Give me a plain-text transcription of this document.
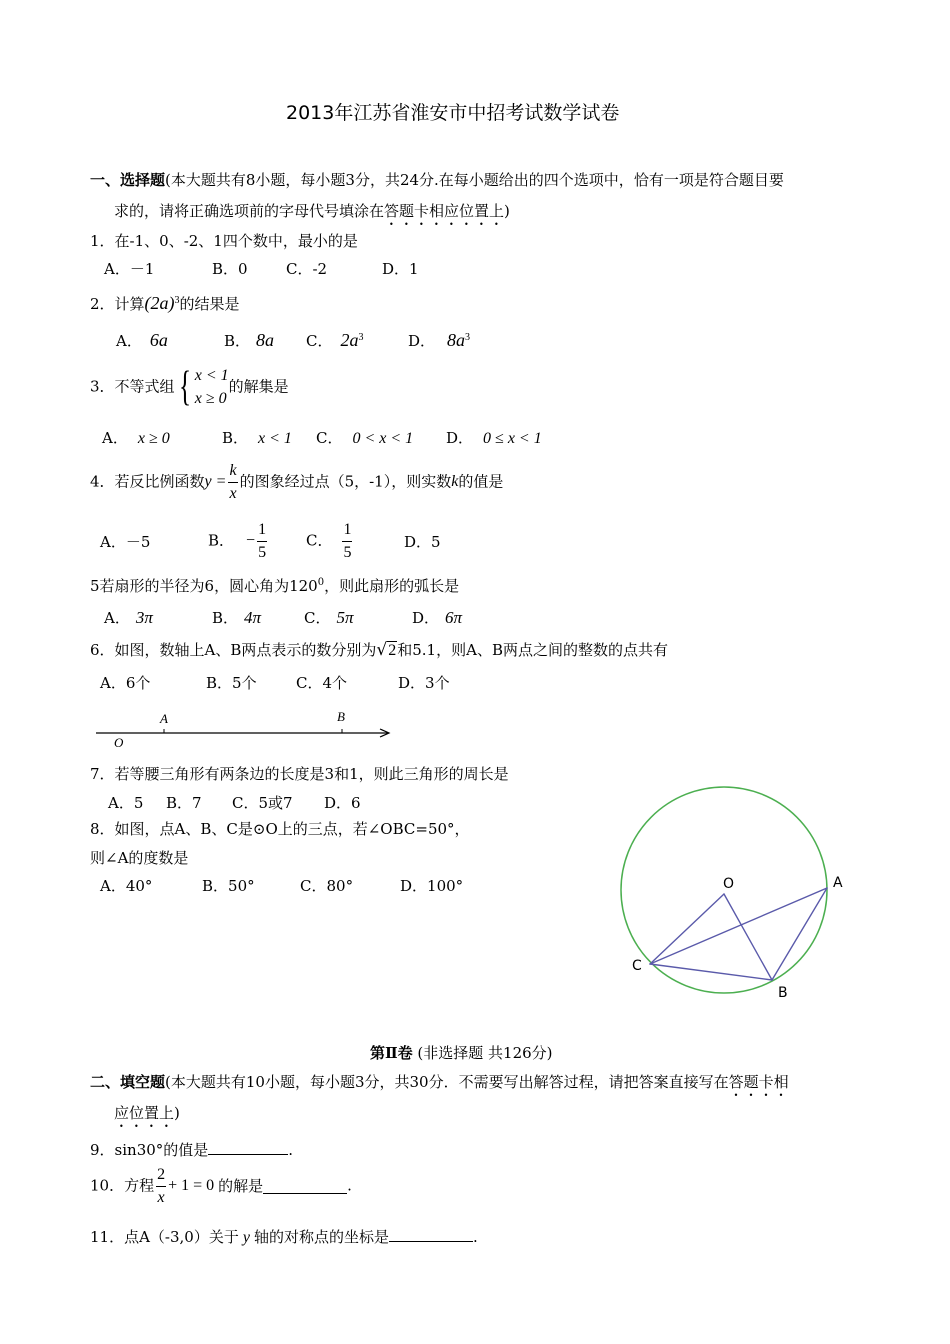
2013年江苏省淮安市中招考试数学试卷
一、选择题(本大题共有8小题，每小题3分，共24分.在每小题给出的四个选项中，恰有一项是符合题目要
求的，请将正确选项前的字母代号填涂在答题卡相应位置上)
1．在-1、0、-2、1四个数中，最小的是
A．－1	B．0	C．-2	D．1
2．计算$(2a)^3$的结果是
A． 6a	B． 8a C． $2a^3$	D． $8a^3$
3．不等式组{ x < 1
x ≥ 0
的解集是
A． x ≥ 0	B． x < 1 C． 0 < x < 1 D． 0 ≤ x < 1
4．若反比例函数$y = \frac{k}{x}$ 的图象经过点（5，-1），则实数k的值是
A．－5	B． − $\frac{1}{5}$	C． $\frac{1}{5}$	D．5
5若扇形的半径为6，圆心角为$120^0$，则此扇形的弧长是
A． 3π	B． 4π	C． 5π	D． 6π
6．如图，数轴上A、B两点表示的数分别为√2和5.1，则A、B两点之间的整数的点共有
A．6个	B．5个	C．4个	D．3个
O
A	B
7．若等腰三角形有两条边的长度是3和1，则此三角形的周长是
A．5 B．7 C．5或7 D．6
8．如图，点A、B、C是⊙O上的三点，若∠OBC=50°，
则∠A的度数是
A．40°	B．50°	C．80°	D．100°	O	A
B
C
第Ⅱ卷 (非选择题 共126分)
二、填空题(本大题共有10小题，每小题3分，共30分．不需要写出解答过程，请把答案直接写在答题卡相
应位置上)
9．sin30°的值是	.
10．方程 $\frac{2}{x} + 1 = 0$ 的解是	.
11．点A（-3,0）关于 y 轴的对称点的坐标是	.
